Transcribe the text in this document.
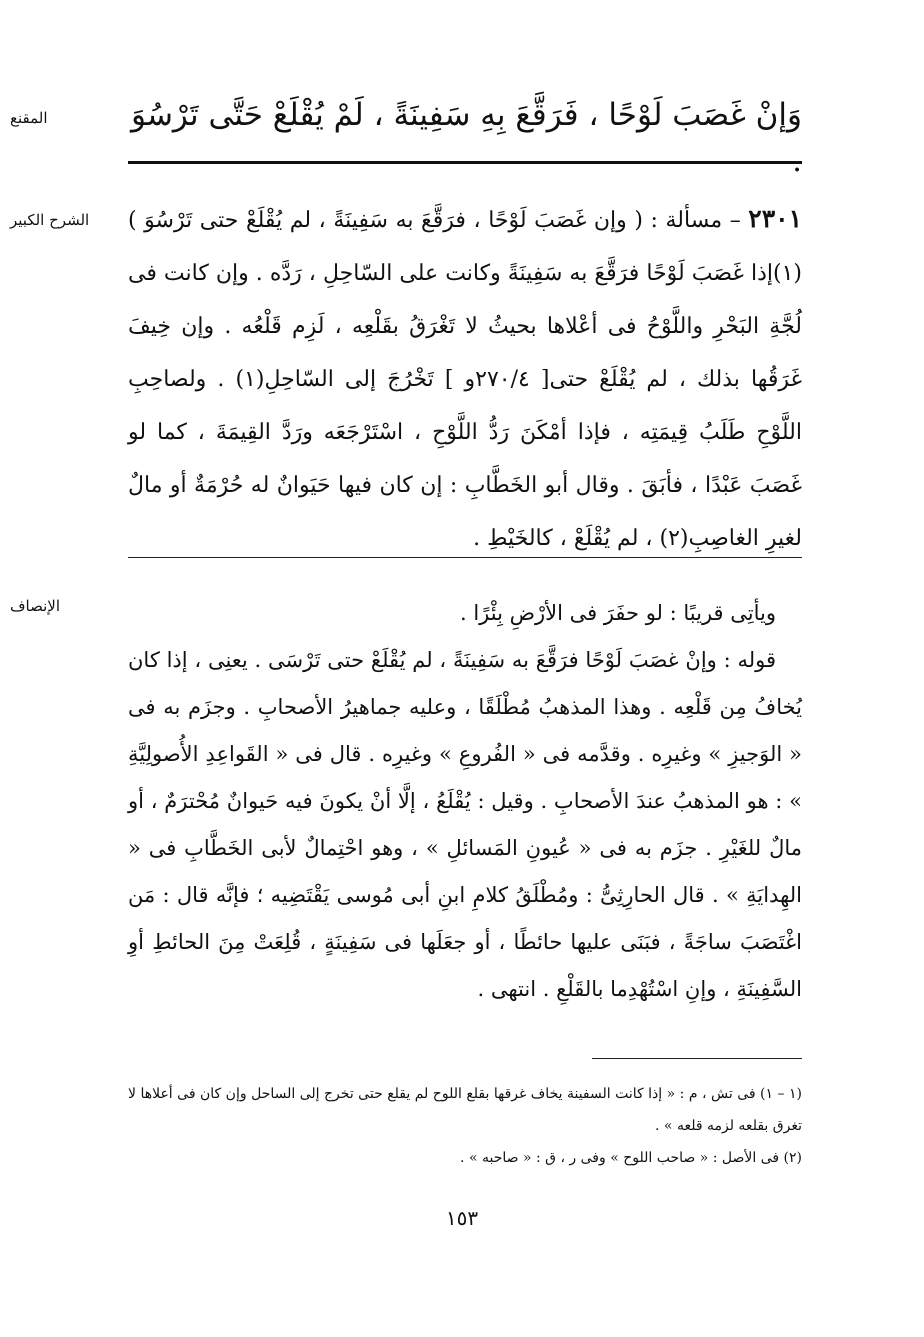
المقنع
الشرح الكبير
الإنصاف
وَإنْ غَصَبَ لَوْحًا ، فَرَقَّعَ بِهِ سَفِينَةً ، لَمْ يُقْلَعْ حَتَّى تَرْسُوَ .
٢٣٠١ – مسألة : ( وإن غَصَبَ لَوْحًا ، فرَقَّعَ به سَفِينَةً ، لم يُقْلَعْ حتى تَرْسُوَ ) (١)إذا غَصَبَ لَوْحًا فرَقَّعَ به سَفِينَةً وكانت على السّاحِلِ ، رَدَّه . وإن كانت فى لُجَّةِ البَحْرِ واللَّوْحُ فى أعْلاها بحيثُ لا تَغْرَقُ بقَلْعِه ، لَزِم قَلْعُه . وإن خِيفَ غَرَقُها بذلك ، لم يُقْلَعْ حتى[ ٢٧٠/٤و ] تَخْرُجَ إلى السّاحِلِ(١) . ولصاحِبِ اللَّوْحِ طَلَبُ قِيمَتِه ، فإذا أمْكَنَ رَدُّ اللَّوْحِ ، اسْتَرْجَعَه ورَدَّ القِيمَةَ ، كما لو غَصَبَ عَبْدًا ، فأبَقَ . وقال أبو الخَطَّابِ : إن كان فيها حَيَوانٌ له حُرْمَةٌ أو مالٌ لغيرِ الغاصِبِ(٢) ، لم يُقْلَعْ ، كالخَيْطِ .

ويأتِى قريبًا : لو حفَرَ فى الأرْضِ بِئْرًا .

قوله : وإنْ غصَبَ لَوْحًا فرَقَّعَ به سَفِينَةً ، لم يُقْلَعْ حتى تَرْسَى . يعنِى ، إذا كان يُخافُ مِن قَلْعِه . وهذا المذهبُ مُطْلَقًا ، وعليه جماهيرُ الأصحابِ . وجزَم به فى « الوَجيزِ » وغيرِه . وقدَّمه فى « الفُروعِ » وغيرِه . قال فى « القَواعِدِ الأُصولِيَّةِ » : هو المذهبُ عندَ الأصحابِ . وقيل : يُقْلَعُ ، إلَّا أنْ يكونَ فيه حَيوانٌ مُحْترَمٌ ، أو مالٌ للغَيْرِ . جزَم به فى « عُيونِ المَسائلِ » ، وهو احْتِمالٌ لأبى الخَطَّابِ فى « الهِدايَةِ » . قال الحارِثِىُّ : ومُطْلَقُ كلامِ ابنِ أبى مُوسى يَقْتَضِيه ؛ فإنَّه قال : مَن اغْتَصَبَ ساجَةً ، فبَنَى عليها حائطًا ، أو جعَلَها فى سَفِينَةٍ ، قُلِعَتْ مِنَ الحائطِ أوِ السَّفِينَةِ ، وإنِ اسْتُهْدِما بالقَلْعِ . انتهى .

(١ – ١) فى تش ، م : « إذا كانت السفينة يخاف غرقها بقلع اللوح لم يقلع حتى تخرج إلى الساحل وإن كان فى أعلاها لا تغرق بقلعه لزمه قلعه » .

(٢) فى الأصل : « صاحب اللوح » وفى ر ، ق : « صاحبه » .

١٥٣
